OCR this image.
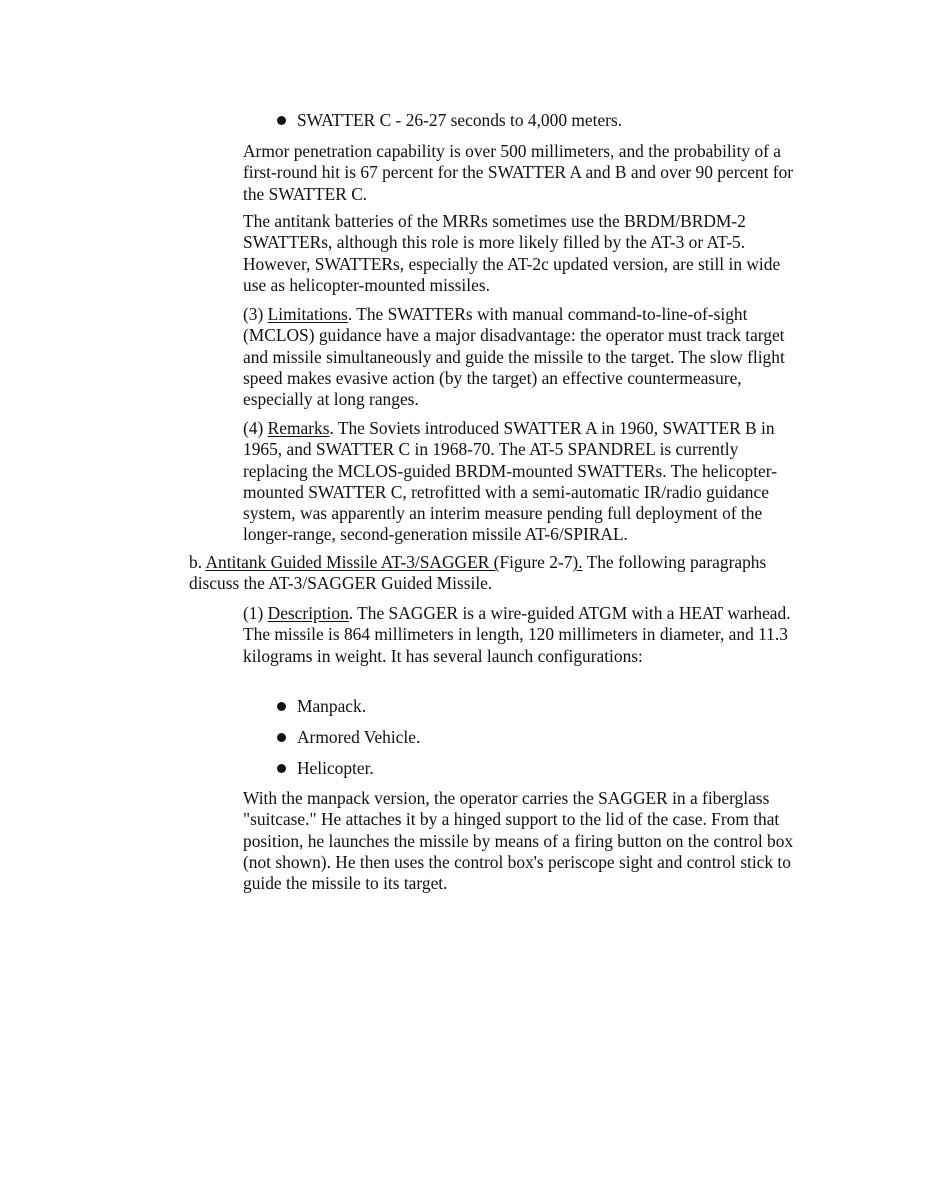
SWATTER C - 26-27 seconds to 4,000 meters.

Armor penetration capability is over 500 millimeters, and the probability of a first-round hit is 67 percent for the SWATTER A and B and over 90 percent for the SWATTER C.

The antitank batteries of the MRRs sometimes use the BRDM/BRDM-2 SWATTERs, although this role is more likely filled by the AT-3 or AT-5. However, SWATTERs, especially the AT-2c updated version, are still in wide use as helicopter-mounted missiles.

(3) Limitations. The SWATTERs with manual command-to-line-of-sight (MCLOS) guidance have a major disadvantage: the operator must track target and missile simultaneously and guide the missile to the target. The slow flight speed makes evasive action (by the target) an effective countermeasure, especially at long ranges.

(4) Remarks. The Soviets introduced SWATTER A in 1960, SWATTER B in 1965, and SWATTER C in 1968-70. The AT-5 SPANDREL is currently replacing the MCLOS-guided BRDM-mounted SWATTERs. The helicopter-mounted SWATTER C, retrofitted with a semi-automatic IR/radio guidance system, was apparently an interim measure pending full deployment of the longer-range, second-generation missile AT-6/SPIRAL.

b. Antitank Guided Missile AT-3/SAGGER (Figure 2-7). The following paragraphs discuss the AT-3/SAGGER Guided Missile.

(1) Description. The SAGGER is a wire-guided ATGM with a HEAT warhead. The missile is 864 millimeters in length, 120 millimeters in diameter, and 11.3 kilograms in weight. It has several launch configurations:

Manpack.
Armored Vehicle.
Helicopter.

With the manpack version, the operator carries the SAGGER in a fiberglass "suitcase." He attaches it by a hinged support to the lid of the case. From that position, he launches the missile by means of a firing button on the control box (not shown). He then uses the control box's periscope sight and control stick to guide the missile to its target.
